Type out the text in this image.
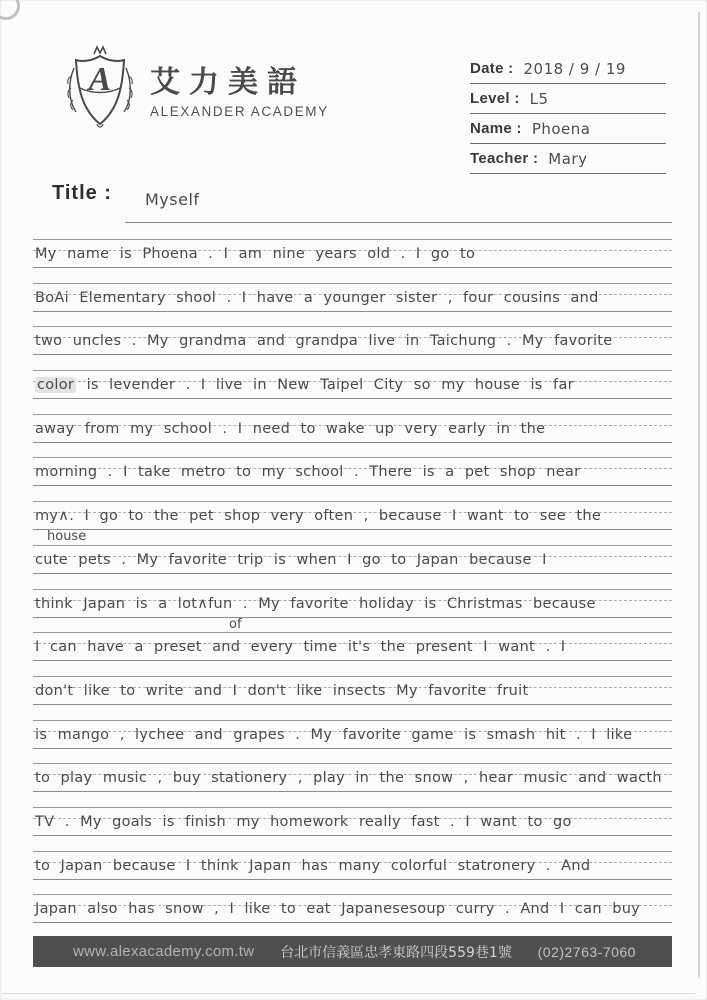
A 艾力美語
ALEXANDER ACADEMY
Date : 2018 / 9 / 19
Level : L5
Name : Phoena
Teacher : Mary
Title : Myself
My name is Phoena . I am nine years old . I go to
BoAi Elementary shool . I have a younger sister , four cousins and
two uncles . My grandma and grandpa live in Taichung . My favorite
color is levender . I live in New Taipel City so my house is far
away from my school . I need to wake up very early in the
morning . I take metro to my school . There is a pet shop near
my∧. I go to the pet shop very often , because I want to see the
house
cute pets . My favorite trip is when I go to Japan because I
think Japan is a lot∧fun . My favorite holiday is Christmas because
of
I can have a preset and every time it's the present I want . I
don't like to write and I don't like insects My favorite fruit
is mango , lychee and grapes . My favorite game is smash hit . I like
to play music , buy stationery , play in the snow , hear music and wacth
TV . My goals is finish my homework really fast . I want to go
to Japan because I think Japan has many colorful statronery . And
Japan also has snow , I like to eat Japanesesoup curry . And I can buy
www.alexacademy.com.tw 台北市信義區忠孝東路四段559巷1號 (02)2763-7060
